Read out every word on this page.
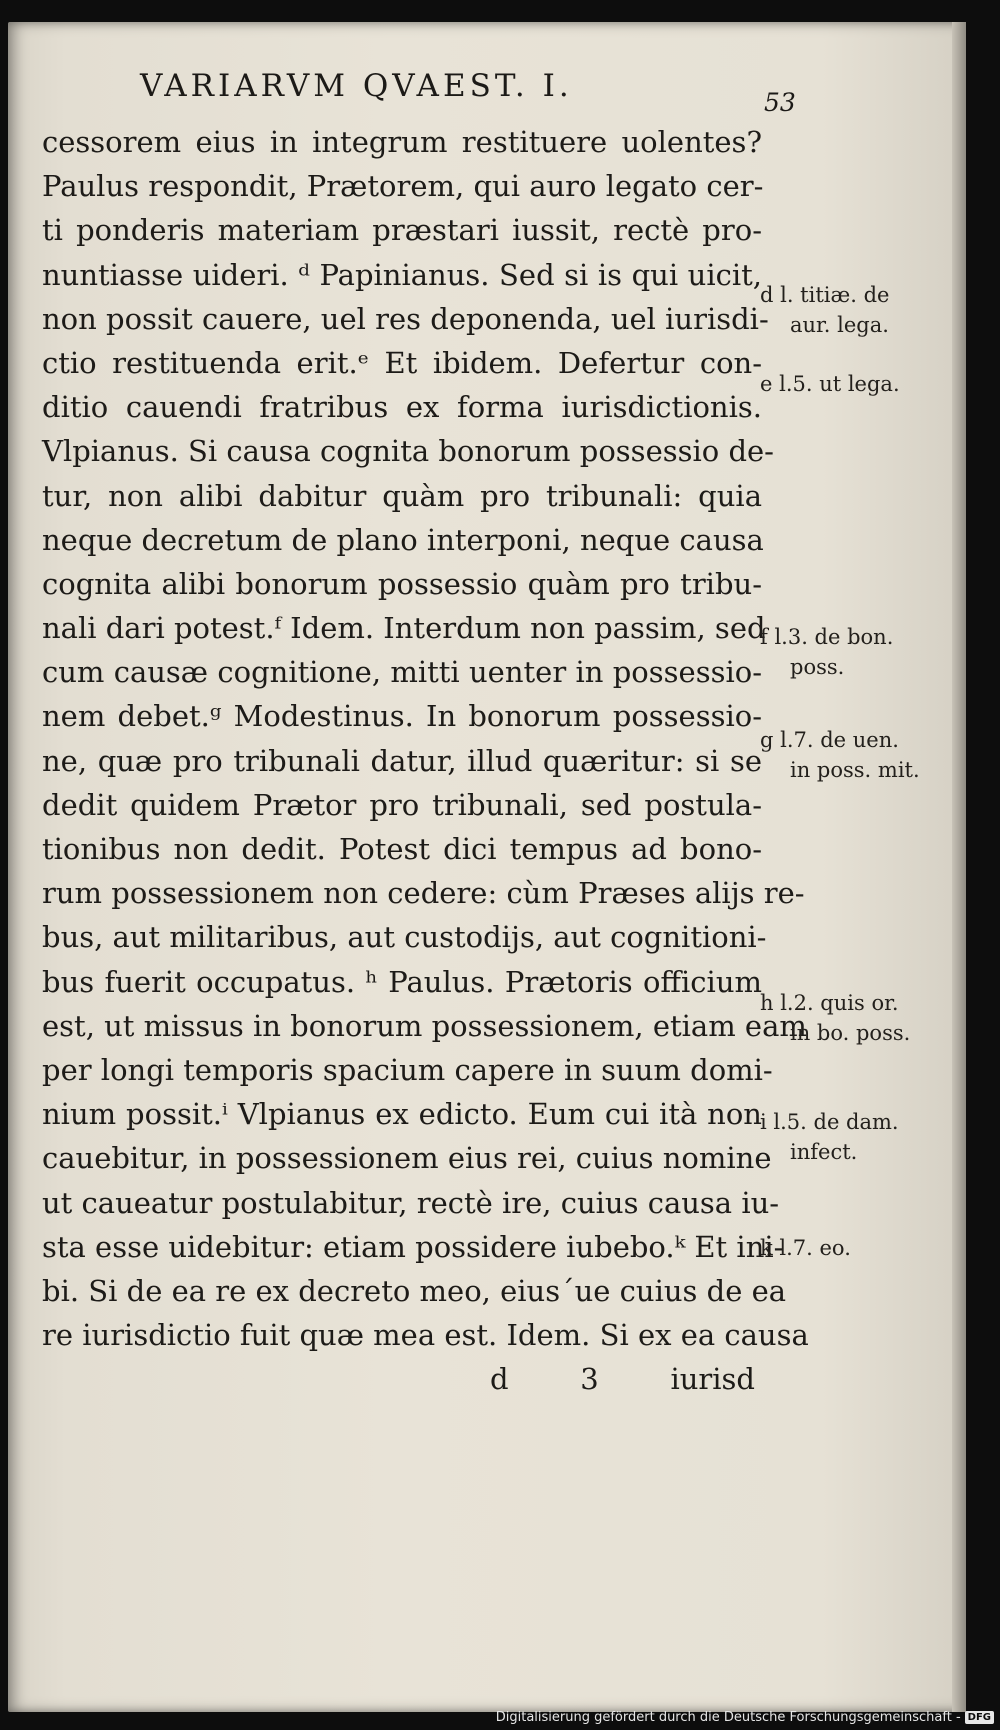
VARIARVM QVAEST. I.	53
cessorem eius in integrum restituere uolentes?
Paulus respondit, Prætorem, qui auro legato cer-
ti ponderis materiam præstari iussit, rectè pro-
nuntiasse uideri. ᵈ Papinianus. Sed si is qui uicit,
non possit cauere, uel res deponenda, uel iurisdi-
ctio restituenda erit.ᵉ Et ibidem. Defertur con-
ditio cauendi fratribus ex forma iurisdictionis.
Vlpianus. Si causa cognita bonorum possessio de-
tur, non alibi dabitur quàm pro tribunali: quia
neque decretum de plano interponi, neque causa
cognita alibi bonorum possessio quàm pro tribu-
nali dari potest.ᶠ Idem. Interdum non passim, sed
cum causæ cognitione, mitti uenter in possessio-
nem debet.ᵍ Modestinus. In bonorum possessio-
ne, quæ pro tribunali datur, illud quæritur: si se
dedit quidem Prætor pro tribunali, sed postula-
tionibus non dedit. Potest dici tempus ad bono-
rum possessionem non cedere: cùm Præses alijs re-
bus, aut militaribus, aut custodijs, aut cognitioni-
bus fuerit occupatus. ʰ Paulus. Prætoris officium
est, ut missus in bonorum possessionem, etiam eam
per longi temporis spacium capere in suum domi-
nium possit.ⁱ Vlpianus ex edicto. Eum cui ità non
cauebitur, in possessionem eius rei, cuius nomine
ut caueatur postulabitur, rectè ire, cuius causa iu-
sta esse uidebitur: etiam possidere iubebo.ᵏ Et ini-
bi. Si de ea re ex decreto meo, eius´ue cuius de ea
re iurisdictio fuit quæ mea est. Idem. Si ex ea causa
d 3 iurisd
d l. titiæ. de
aur. lega.
e l.5. ut lega.
f l.3. de bon.
poss.
g l.7. de uen.
in poss. mit.
h l.2. quis or.
in bo. poss.
i l.5. de dam.
infect.
k l.7. eo.
Digitalisierung gefördert durch die Deutsche Forschungsgemeinschaft - DFG
